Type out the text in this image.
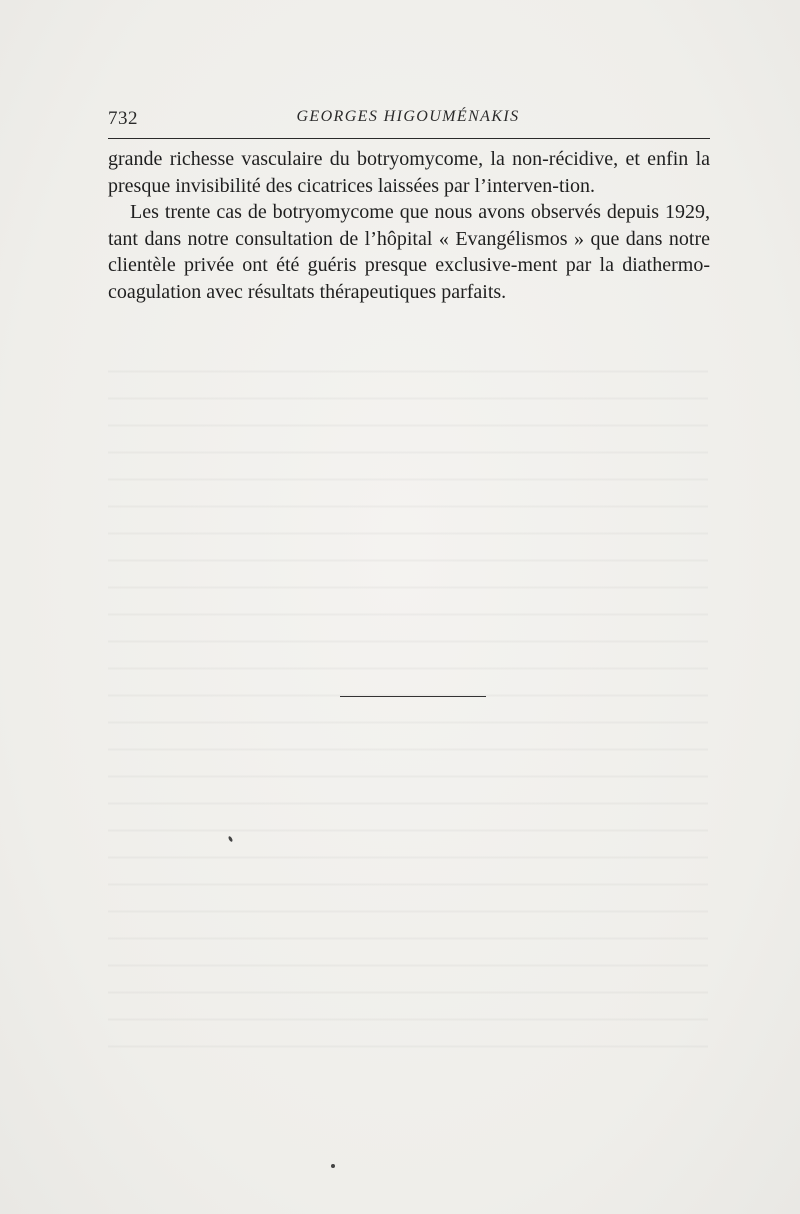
732	GEORGES HIGOUMÉNAKIS

grande richesse vasculaire du botryomycome, la non-récidive, et enfin la presque invisibilité des cicatrices laissées par l’interven-tion.

Les trente cas de botryomycome que nous avons observés depuis 1929, tant dans notre consultation de l’hôpital « Evangélismos » que dans notre clientèle privée ont été guéris presque exclusive-ment par la diathermo-coagulation avec résultats thérapeutiques parfaits.
